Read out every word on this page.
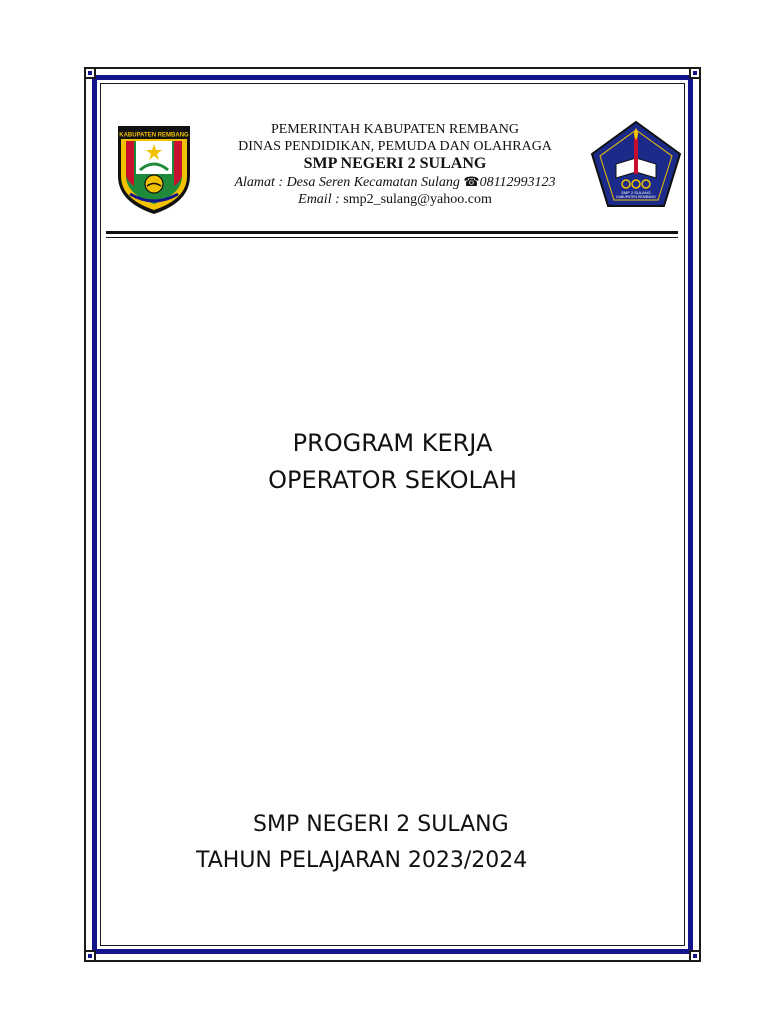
KABUPATEN REMBANG
SMP 2 SULANG
KABUPATEN REMBANG
PEMERINTAH KABUPATEN REMBANG
DINAS PENDIDIKAN, PEMUDA DAN OLAHRAGA
SMP NEGERI 2 SULANG
Alamat : Desa Seren Kecamatan Sulang ☎08112993123
Email : smp2_sulang@yahoo.com
PROGRAM KERJA
OPERATOR SEKOLAH
SMP NEGERI 2 SULANG
TAHUN PELAJARAN 2023/2024
